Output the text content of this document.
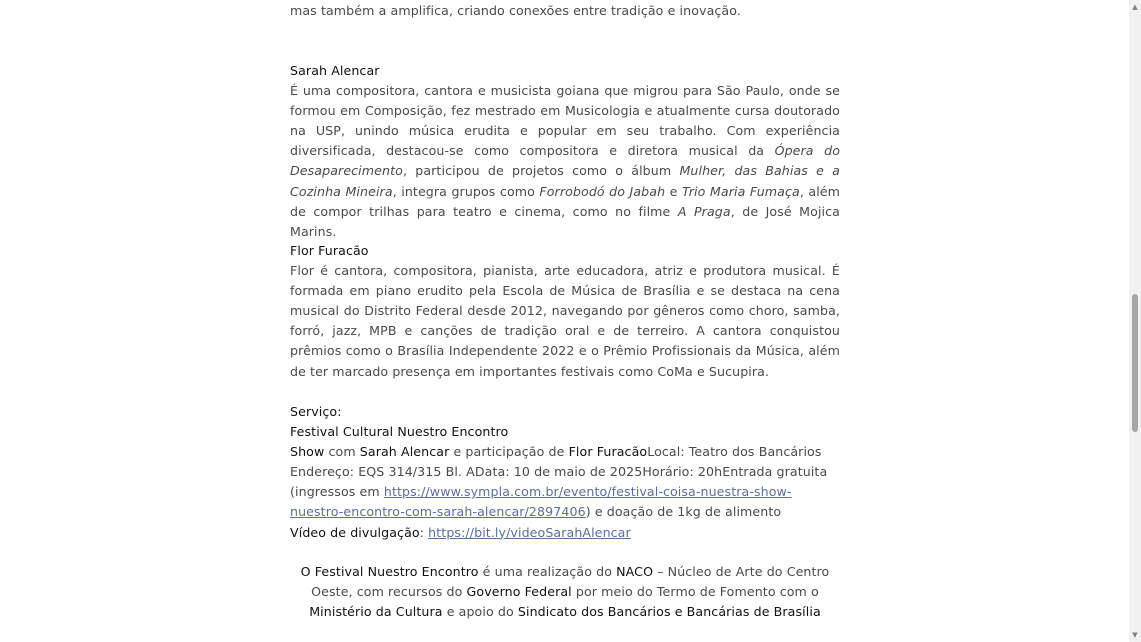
mas também a amplifica, criando conexões entre tradição e inovação.

Sarah Alencar

É uma compositora, cantora e musicista goiana que migrou para São Paulo, onde se formou em Composição, fez mestrado em Musicologia e atualmente cursa doutorado na USP, unindo música erudita e popular em seu trabalho. Com experiência diversificada, destacou-se como compositora e diretora musical da Ópera do Desaparecimento, participou de projetos como o álbum Mulher, das Bahias e a Cozinha Mineira, integra grupos como Forrobodó do Jabah e Trio Maria Fumaça, além de compor trilhas para teatro e cinema, como no filme A Praga, de José Mojica Marins.

Flor Furacão

Flor é cantora, compositora, pianista, arte educadora, atriz e produtora musical. É formada em piano erudito pela Escola de Música de Brasília e se destaca na cena musical do Distrito Federal desde 2012, navegando por gêneros como choro, samba, forró, jazz, MPB e canções de tradição oral e de terreiro. A cantora conquistou prêmios como o Brasília Independente 2022 e o Prêmio Profissionais da Música, além de ter marcado presença em importantes festivais como CoMa e Sucupira.

Serviço:

Festival Cultural Nuestro Encontro

Show com Sarah Alencar e participação de Flor FuracãoLocal: Teatro dos Bancários Endereço: EQS 314/315 Bl. AData: 10 de maio de 2025Horário: 20hEntrada gratuita (ingressos em https://www.sympla.com.br/evento/festival-coisa-nuestra-show-nuestro-encontro-com-sarah-alencar/2897406) e doação de 1kg de alimento

Vídeo de divulgação: https://bit.ly/videoSarahAlencar

O Festival Nuestro Encontro é uma realização do NACO – Núcleo de Arte do Centro Oeste, com recursos do Governo Federal por meio do Termo de Fomento com o Ministério da Cultura e apoio do Sindicato dos Bancários e Bancárias de Brasília

▲
▼
